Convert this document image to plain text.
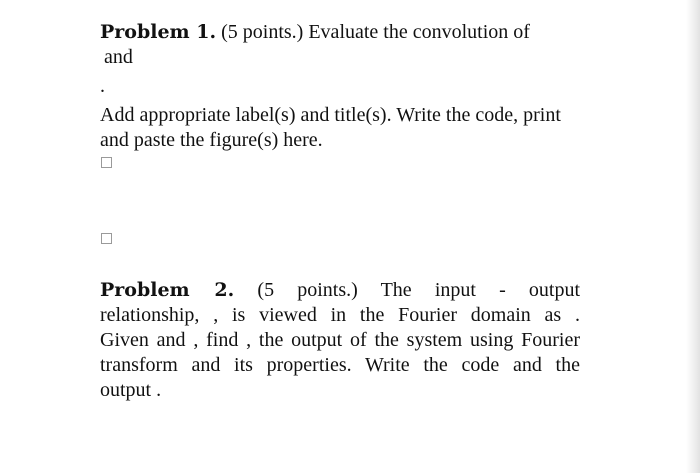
Problem 1. (5 points.) Evaluate the convolution of
and
.
Add appropriate label(s) and title(s). Write the code, print
and paste the figure(s) here.
Problem 2. (5 points.) The input - output
relationship, , is viewed in the Fourier domain as .
Given and , find , the output of the system using Fourier
transform and its properties. Write the code and the
output .
